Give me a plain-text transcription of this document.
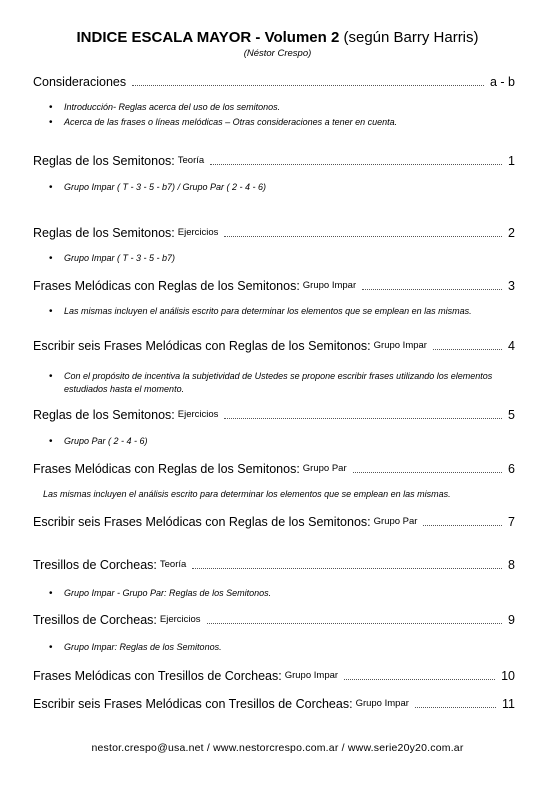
INDICE ESCALA MAYOR - Volumen 2 (según Barry Harris)
(Néstor Crespo)
Consideraciones	a - b
• Introducción- Reglas acerca del uso de los semitonos.
• Acerca de las frases o líneas melódicas – Otras consideraciones a tener en cuenta.
Reglas de los Semitonos: Teoría	1
• Grupo Impar ( T - 3 - 5 - b7) / Grupo Par ( 2 - 4 - 6)
Reglas de los Semitonos: Ejercicios	2
• Grupo Impar ( T - 3 - 5 - b7)
Frases Melódicas con Reglas de los Semitonos: Grupo Impar	3
• Las mismas incluyen el análisis escrito para determinar los elementos que se emplean en las mismas.
Escribir seis Frases Melódicas con Reglas de los Semitonos: Grupo Impar	4
• Con el propósito de incentiva la subjetividad de Ustedes se propone escribir frases utilizando los elementos estudiados hasta el momento.
Reglas de los Semitonos: Ejercicios	5
• Grupo Par ( 2 - 4 - 6)
Frases Melódicas con Reglas de los Semitonos: Grupo Par	6
Las mismas incluyen el análisis escrito para determinar los elementos que se emplean en las mismas.
Escribir seis Frases Melódicas con Reglas de los Semitonos: Grupo Par	7
Tresillos de Corcheas: Teoría	8
• Grupo Impar - Grupo Par: Reglas de los Semitonos.
Tresillos de Corcheas: Ejercicios	9
• Grupo Impar: Reglas de los Semitonos.
Frases Melódicas con Tresillos de Corcheas: Grupo Impar	10
Escribir seis Frases Melódicas con Tresillos de Corcheas: Grupo Impar	11
nestor.crespo@usa.net / www.nestorcrespo.com.ar / www.serie20y20.com.ar
